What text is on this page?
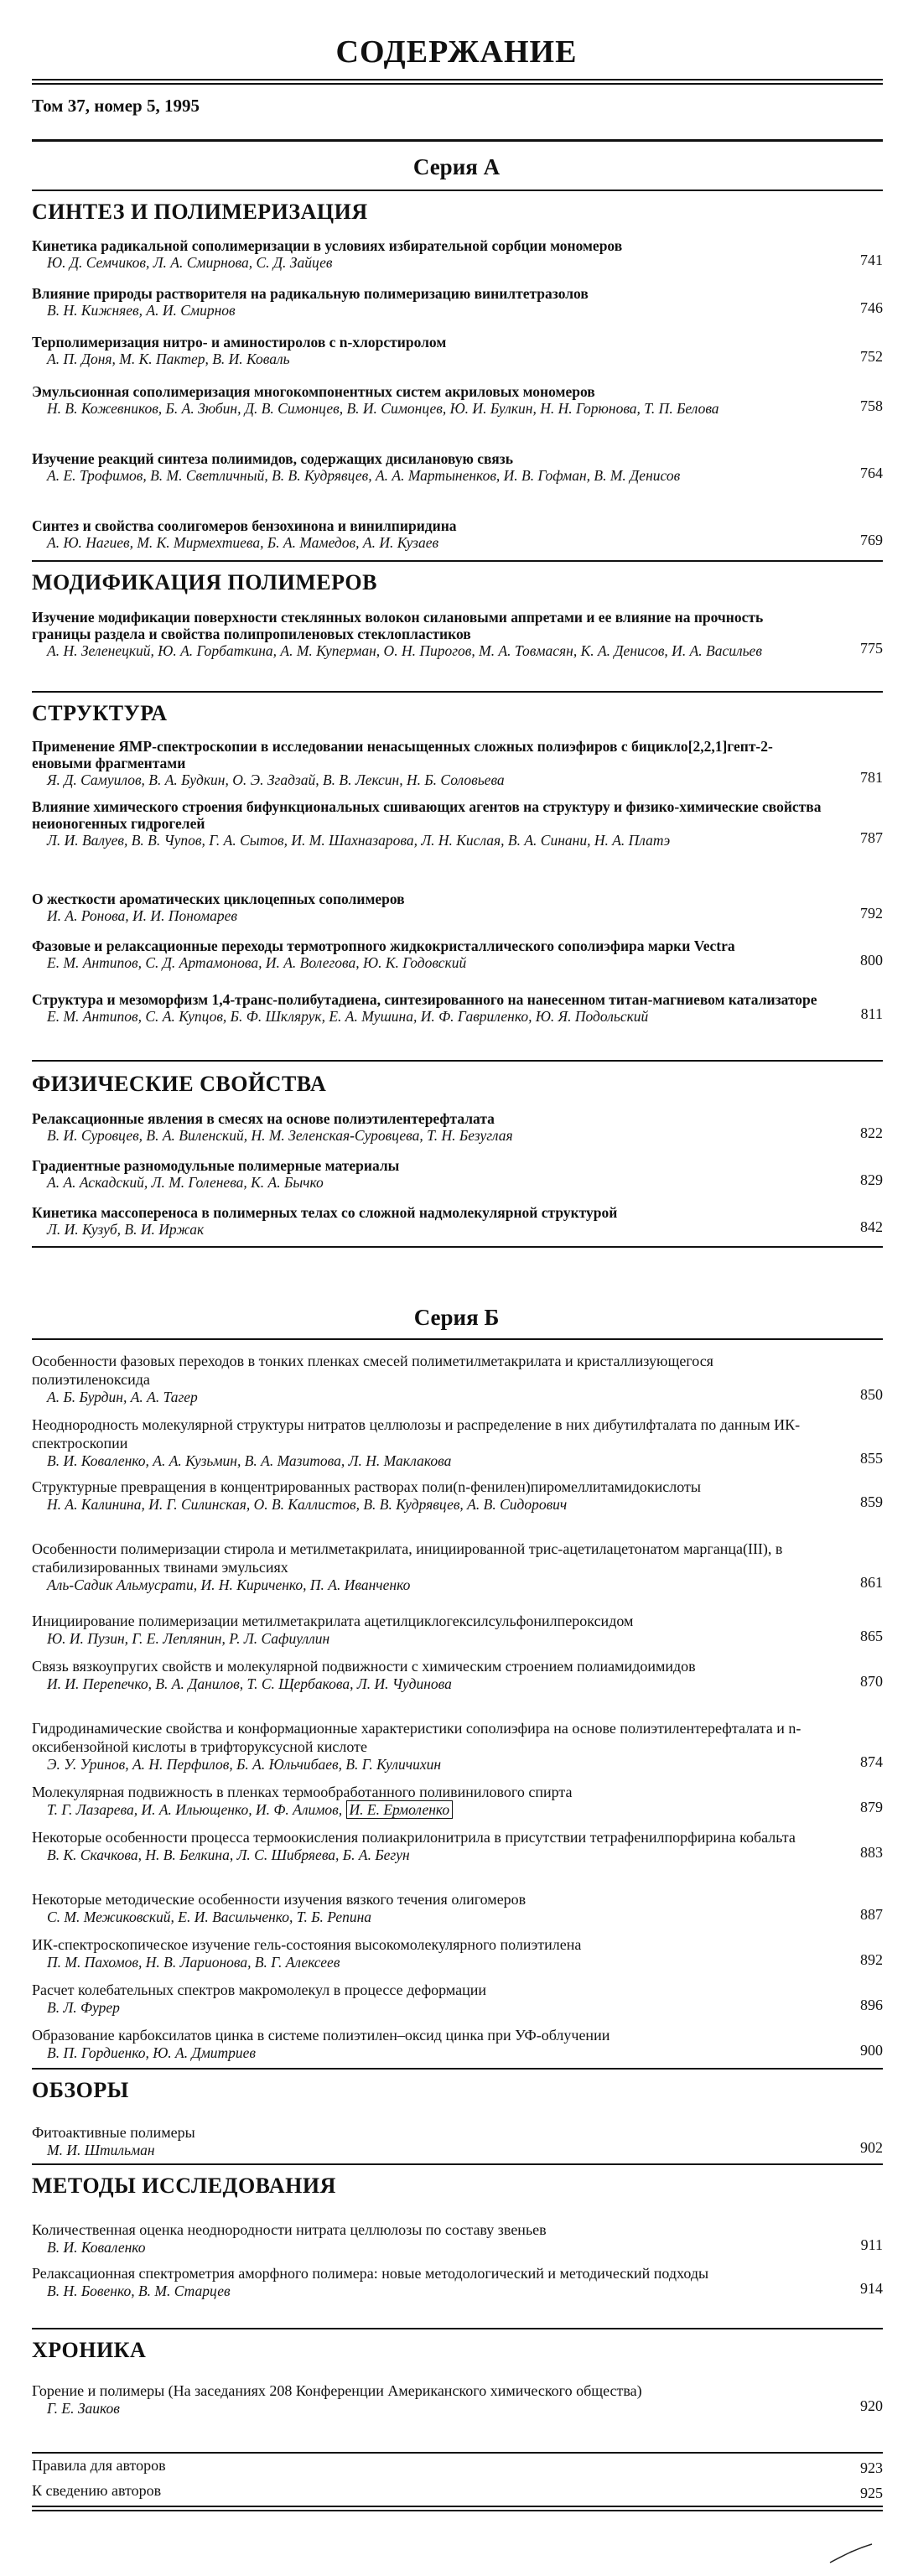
СОДЕРЖАНИЕ
Том 37, номер 5, 1995
Серия А
СИНТЕЗ И ПОЛИМЕРИЗАЦИЯ
Кинетика радикальной сополимеризации в условиях избирательной сорбции мономеров
Ю. Д. Семчиков, Л. А. Смирнова, С. Д. Зайцев	741
Влияние природы растворителя на радикальную полимеризацию винилтетразолов
В. Н. Кижняев, А. И. Смирнов	746
Терполимеризация нитро- и аминостиролов с n-хлорстиролом
А. П. Доня, М. К. Пактер, В. И. Коваль	752
Эмульсионная сополимеризация многокомпонентных систем акриловых мономеров
Н. В. Кожевников, Б. А. Зюбин, Д. В. Симонцев, В. И. Симонцев, Ю. И. Булкин, Н. Н. Горюнова, Т. П. Белова	758
Изучение реакций синтеза полиимидов, содержащих дисилановую связь
А. Е. Трофимов, В. М. Светличный, В. В. Кудрявцев, А. А. Мартыненков, И. В. Гофман, В. М. Денисов	764
Синтез и свойства соолигомеров бензохинона и винилпиридина
А. Ю. Нагиев, М. К. Мирмехтиева, Б. А. Мамедов, А. И. Кузаев	769
МОДИФИКАЦИЯ ПОЛИМЕРОВ
Изучение модификации поверхности стеклянных волокон силановыми аппретами и ее влияние на прочность границы раздела и свойства полипропиленовых стеклопластиков
А. Н. Зеленецкий, Ю. А. Горбаткина, А. М. Куперман, О. Н. Пирогов, М. А. Товмасян, К. А. Денисов, И. А. Васильев	775
СТРУКТУРА
Применение ЯМР-спектроскопии в исследовании ненасыщенных сложных полиэфиров с бицикло[2,2,1]гепт-2-еновыми фрагментами
Я. Д. Самуилов, В. А. Будкин, О. Э. Згадзай, В. В. Лексин, Н. Б. Соловьева	781
Влияние химического строения бифункциональных сшивающих агентов на структуру и физико-химические свойства неионогенных гидрогелей
Л. И. Валуев, В. В. Чупов, Г. А. Сытов, И. М. Шахназарова, Л. Н. Кислая, В. А. Синани, Н. А. Платэ	787
О жесткости ароматических циклоцепных сополимеров
И. А. Ронова, И. И. Пономарев	792
Фазовые и релаксационные переходы термотропного жидкокристаллического сополиэфира марки Vectra
Е. М. Антипов, С. Д. Артамонова, И. А. Волегова, Ю. К. Годовский	800
Структура и мезоморфизм 1,4-транс-полибутадиена, синтезированного на нанесенном титан-магниевом катализаторе
Е. М. Антипов, С. А. Купцов, Б. Ф. Шклярук, Е. А. Мушина, И. Ф. Гавриленко, Ю. Я. Подольский	811
ФИЗИЧЕСКИЕ СВОЙСТВА
Релаксационные явления в смесях на основе полиэтилентерефталата
В. И. Суровцев, В. А. Виленский, Н. М. Зеленская-Суровцева, Т. Н. Безуглая	822
Градиентные разномодульные полимерные материалы
А. А. Аскадский, Л. М. Голенева, К. А. Бычко	829
Кинетика массопереноса в полимерных телах со сложной надмолекулярной структурой
Л. И. Кузуб, В. И. Иржак	842
Серия Б
Особенности фазовых переходов в тонких пленках смесей полиметилметакрилата и кристаллизующегося полиэтиленоксида
А. Б. Бурдин, А. А. Тагер	850
Неоднородность молекулярной структуры нитратов целлюлозы и распределение в них дибутилфталата по данным ИК-спектроскопии
В. И. Коваленко, А. А. Кузьмин, В. А. Мазитова, Л. Н. Маклакова	855
Структурные превращения в концентрированных растворах поли(n-фенилен)пиромеллитамидокислоты
Н. А. Калинина, И. Г. Силинская, О. В. Каллистов, В. В. Кудрявцев, А. В. Сидорович	859
Особенности полимеризации стирола и метилметакрилата, инициированной трис-ацетилацетонатом марганца(III), в стабилизированных твинами эмульсиях
Аль-Садик Альмусрати, И. Н. Кириченко, П. А. Иванченко	861
Инициирование полимеризации метилметакрилата ацетилциклогексилсульфонилпероксидом
Ю. И. Пузин, Г. Е. Леплянин, Р. Л. Сафиуллин	865
Связь вязкоупругих свойств и молекулярной подвижности с химическим строением полиамидоимидов
И. И. Перепечко, В. А. Данилов, Т. С. Щербакова, Л. И. Чудинова	870
Гидродинамические свойства и конформационные характеристики сополиэфира на основе полиэтилентерефталата и n-оксибензойной кислоты в трифторуксусной кислоте
Э. У. Уринов, А. Н. Перфилов, Б. А. Юльчибаев, В. Г. Куличихин	874
Молекулярная подвижность в пленках термообработанного поливинилового спирта
Т. Г. Лазарева, И. А. Ильющенко, И. Ф. Алимов, И. Е. Ермоленко	879
Некоторые особенности процесса термоокисления полиакрилонитрила в присутствии тетрафенилпорфирина кобальта
В. К. Скачкова, Н. В. Белкина, Л. С. Шибряева, Б. А. Бегун	883
Некоторые методические особенности изучения вязкого течения олигомеров
С. М. Межиковский, Е. И. Васильченко, Т. Б. Репина	887
ИК-спектроскопическое изучение гель-состояния высокомолекулярного полиэтилена
П. М. Пахомов, Н. В. Ларионова, В. Г. Алексеев	892
Расчет колебательных спектров макромолекул в процессе деформации
В. Л. Фурер	896
Образование карбоксилатов цинка в системе полиэтилен–оксид цинка при УФ-облучении
В. П. Гордиенко, Ю. А. Дмитриев	900
ОБЗОРЫ
Фитоактивные полимеры
М. И. Штильман	902
МЕТОДЫ ИССЛЕДОВАНИЯ
Количественная оценка неоднородности нитрата целлюлозы по составу звеньев
В. И. Коваленко	911
Релаксационная спектрометрия аморфного полимера: новые методологический и методический подходы
В. Н. Бовенко, В. М. Старцев	914
ХРОНИКА
Горение и полимеры (На заседаниях 208 Конференции Американского химического общества)
Г. Е. Заиков	920
Правила для авторов	923
К сведению авторов	925
